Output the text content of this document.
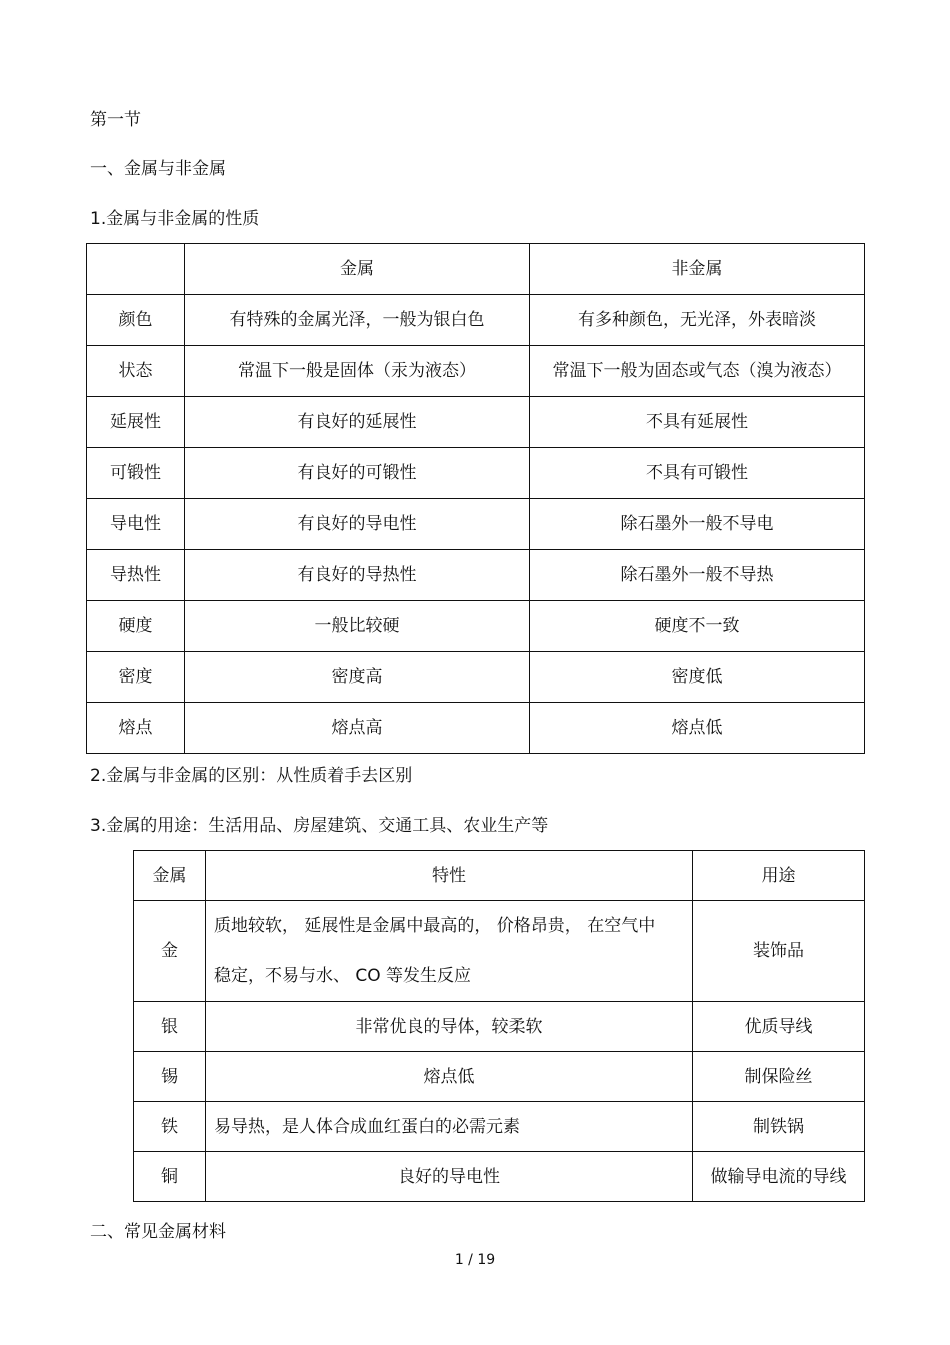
第一节
一、金属与非金属
1.金属与非金属的性质
	金属	非金属
颜色	有特殊的金属光泽，一般为银白色	有多种颜色，无光泽，外表暗淡
状态	常温下一般是固体（汞为液态）	常温下一般为固态或气态（溴为液态）
延展性	有良好的延展性	不具有延展性
可锻性	有良好的可锻性	不具有可锻性
导电性	有良好的导电性	除石墨外一般不导电
导热性	有良好的导热性	除石墨外一般不导热
硬度	一般比较硬	硬度不一致
密度	密度高	密度低
熔点	熔点高	熔点低
2.金属与非金属的区别：从性质着手去区别
3.金属的用途：生活用品、房屋建筑、交通工具、农业生产等
金属	特性	用途
金	质地较软， 延展性是金属中最高的， 价格昂贵， 在空气中
稳定，不易与水、 CO 等发生反应	装饰品
银	非常优良的导体，较柔软	优质导线
锡	熔点低	制保险丝
铁	易导热，是人体合成血红蛋白的必需元素	制铁锅
铜	良好的导电性	做输导电流的导线
二、常见金属材料
1 / 19
